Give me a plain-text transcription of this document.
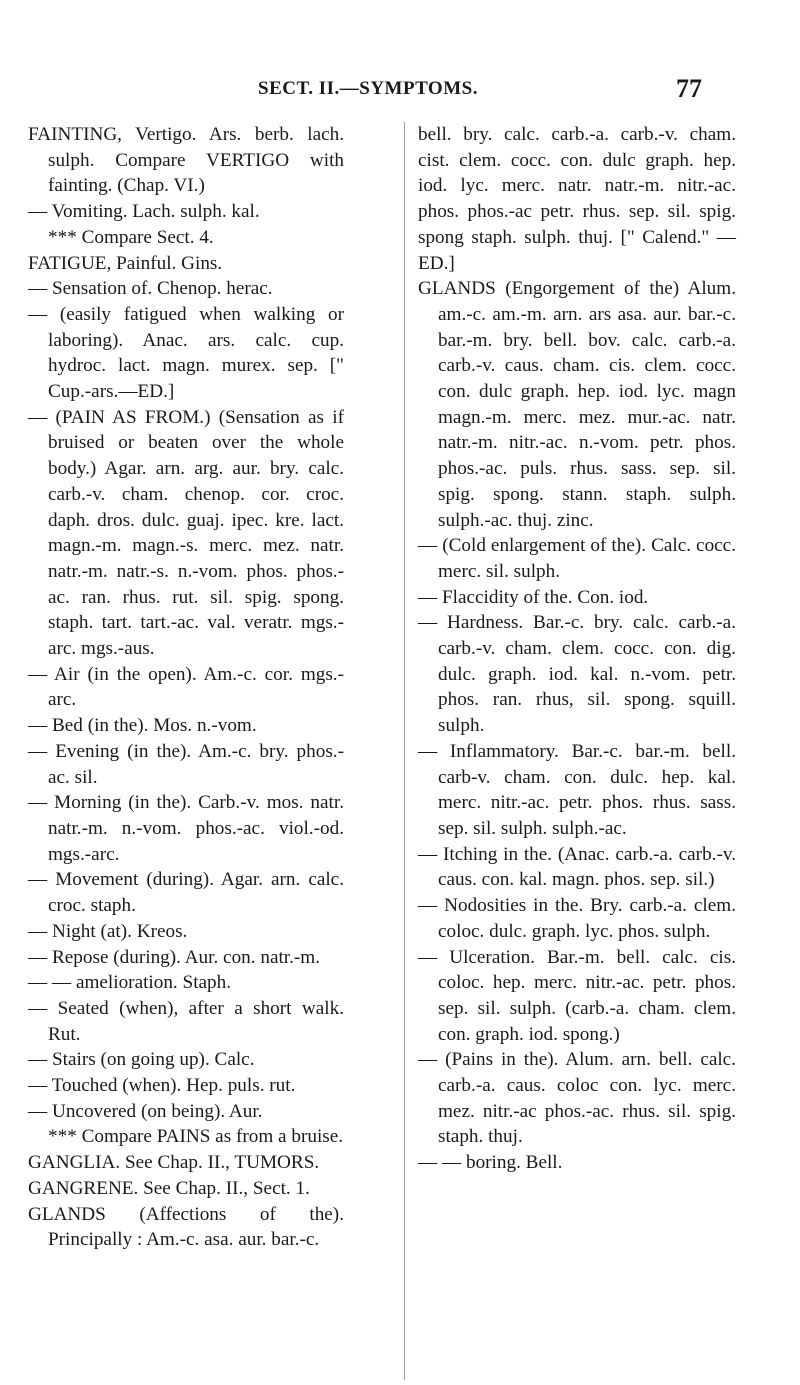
SECT. II.—SYMPTOMS.	77

FAINTING, Vertigo. Ars. berb. lach. sulph. Compare VERTIGO with fainting. (Chap. VI.)

— Vomiting. Lach. sulph. kal.

*** Compare Sect. 4.

FATIGUE, Painful. Gins.

— Sensation of. Chenop. herac.

— (easily fatigued when walking or laboring). Anac. ars. calc. cup. hydroc. lact. magn. murex. sep. [" Cup.-ars.—ED.]

— (PAIN AS FROM.) (Sensation as if bruised or beaten over the whole body.) Agar. arn. arg. aur. bry. calc. carb.-v. cham. chenop. cor. croc. daph. dros. dulc. guaj. ipec. kre. lact. magn.-m. magn.-s. merc. mez. natr. natr.-m. natr.-s. n.-vom. phos. phos.-ac. ran. rhus. rut. sil. spig. spong. staph. tart. tart.-ac. val. veratr. mgs.-arc. mgs.-aus.

— Air (in the open). Am.-c. cor. mgs.-arc.

— Bed (in the). Mos. n.-vom.

— Evening (in the). Am.-c. bry. phos.-ac. sil.

— Morning (in the). Carb.-v. mos. natr. natr.-m. n.-vom. phos.-ac. viol.-od. mgs.-arc.

— Movement (during). Agar. arn. calc. croc. staph.

— Night (at). Kreos.

— Repose (during). Aur. con. natr.-m.

— — amelioration. Staph.

— Seated (when), after a short walk. Rut.

— Stairs (on going up). Calc.

— Touched (when). Hep. puls. rut.

— Uncovered (on being). Aur.

*** Compare PAINS as from a bruise.

GANGLIA. See Chap. II., TUMORS.

GANGRENE. See Chap. II., Sect. 1.

GLANDS (Affections of the). Principally : Am.-c. asa. aur. bar.-c.

bell. bry. calc. carb.-a. carb.-v. cham. cist. clem. cocc. con. dulc graph. hep. iod. lyc. merc. natr. natr.-m. nitr.-ac. phos. phos.-ac petr. rhus. sep. sil. spig. spong staph. sulph. thuj. [" Calend." —ED.]

GLANDS (Engorgement of the) Alum. am.-c. am.-m. arn. ars asa. aur. bar.-c. bar.-m. bry. bell. bov. calc. carb.-a. carb.-v. caus. cham. cis. clem. cocc. con. dulc graph. hep. iod. lyc. magn magn.-m. merc. mez. mur.-ac. natr. natr.-m. nitr.-ac. n.-vom. petr. phos. phos.-ac. puls. rhus. sass. sep. sil. spig. spong. stann. staph. sulph. sulph.-ac. thuj. zinc.

— (Cold enlargement of the). Calc. cocc. merc. sil. sulph.

— Flaccidity of the. Con. iod.

— Hardness. Bar.-c. bry. calc. carb.-a. carb.-v. cham. clem. cocc. con. dig. dulc. graph. iod. kal. n.-vom. petr. phos. ran. rhus, sil. spong. squill. sulph.

— Inflammatory. Bar.-c. bar.-m. bell. carb-v. cham. con. dulc. hep. kal. merc. nitr.-ac. petr. phos. rhus. sass. sep. sil. sulph. sulph.-ac.

— Itching in the. (Anac. carb.-a. carb.-v. caus. con. kal. magn. phos. sep. sil.)

— Nodosities in the. Bry. carb.-a. clem. coloc. dulc. graph. lyc. phos. sulph.

— Ulceration. Bar.-m. bell. calc. cis. coloc. hep. merc. nitr.-ac. petr. phos. sep. sil. sulph. (carb.-a. cham. clem. con. graph. iod. spong.)

— (Pains in the). Alum. arn. bell. calc. carb.-a. caus. coloc con. lyc. merc. mez. nitr.-ac phos.-ac. rhus. sil. spig. staph. thuj.

— — boring. Bell.
